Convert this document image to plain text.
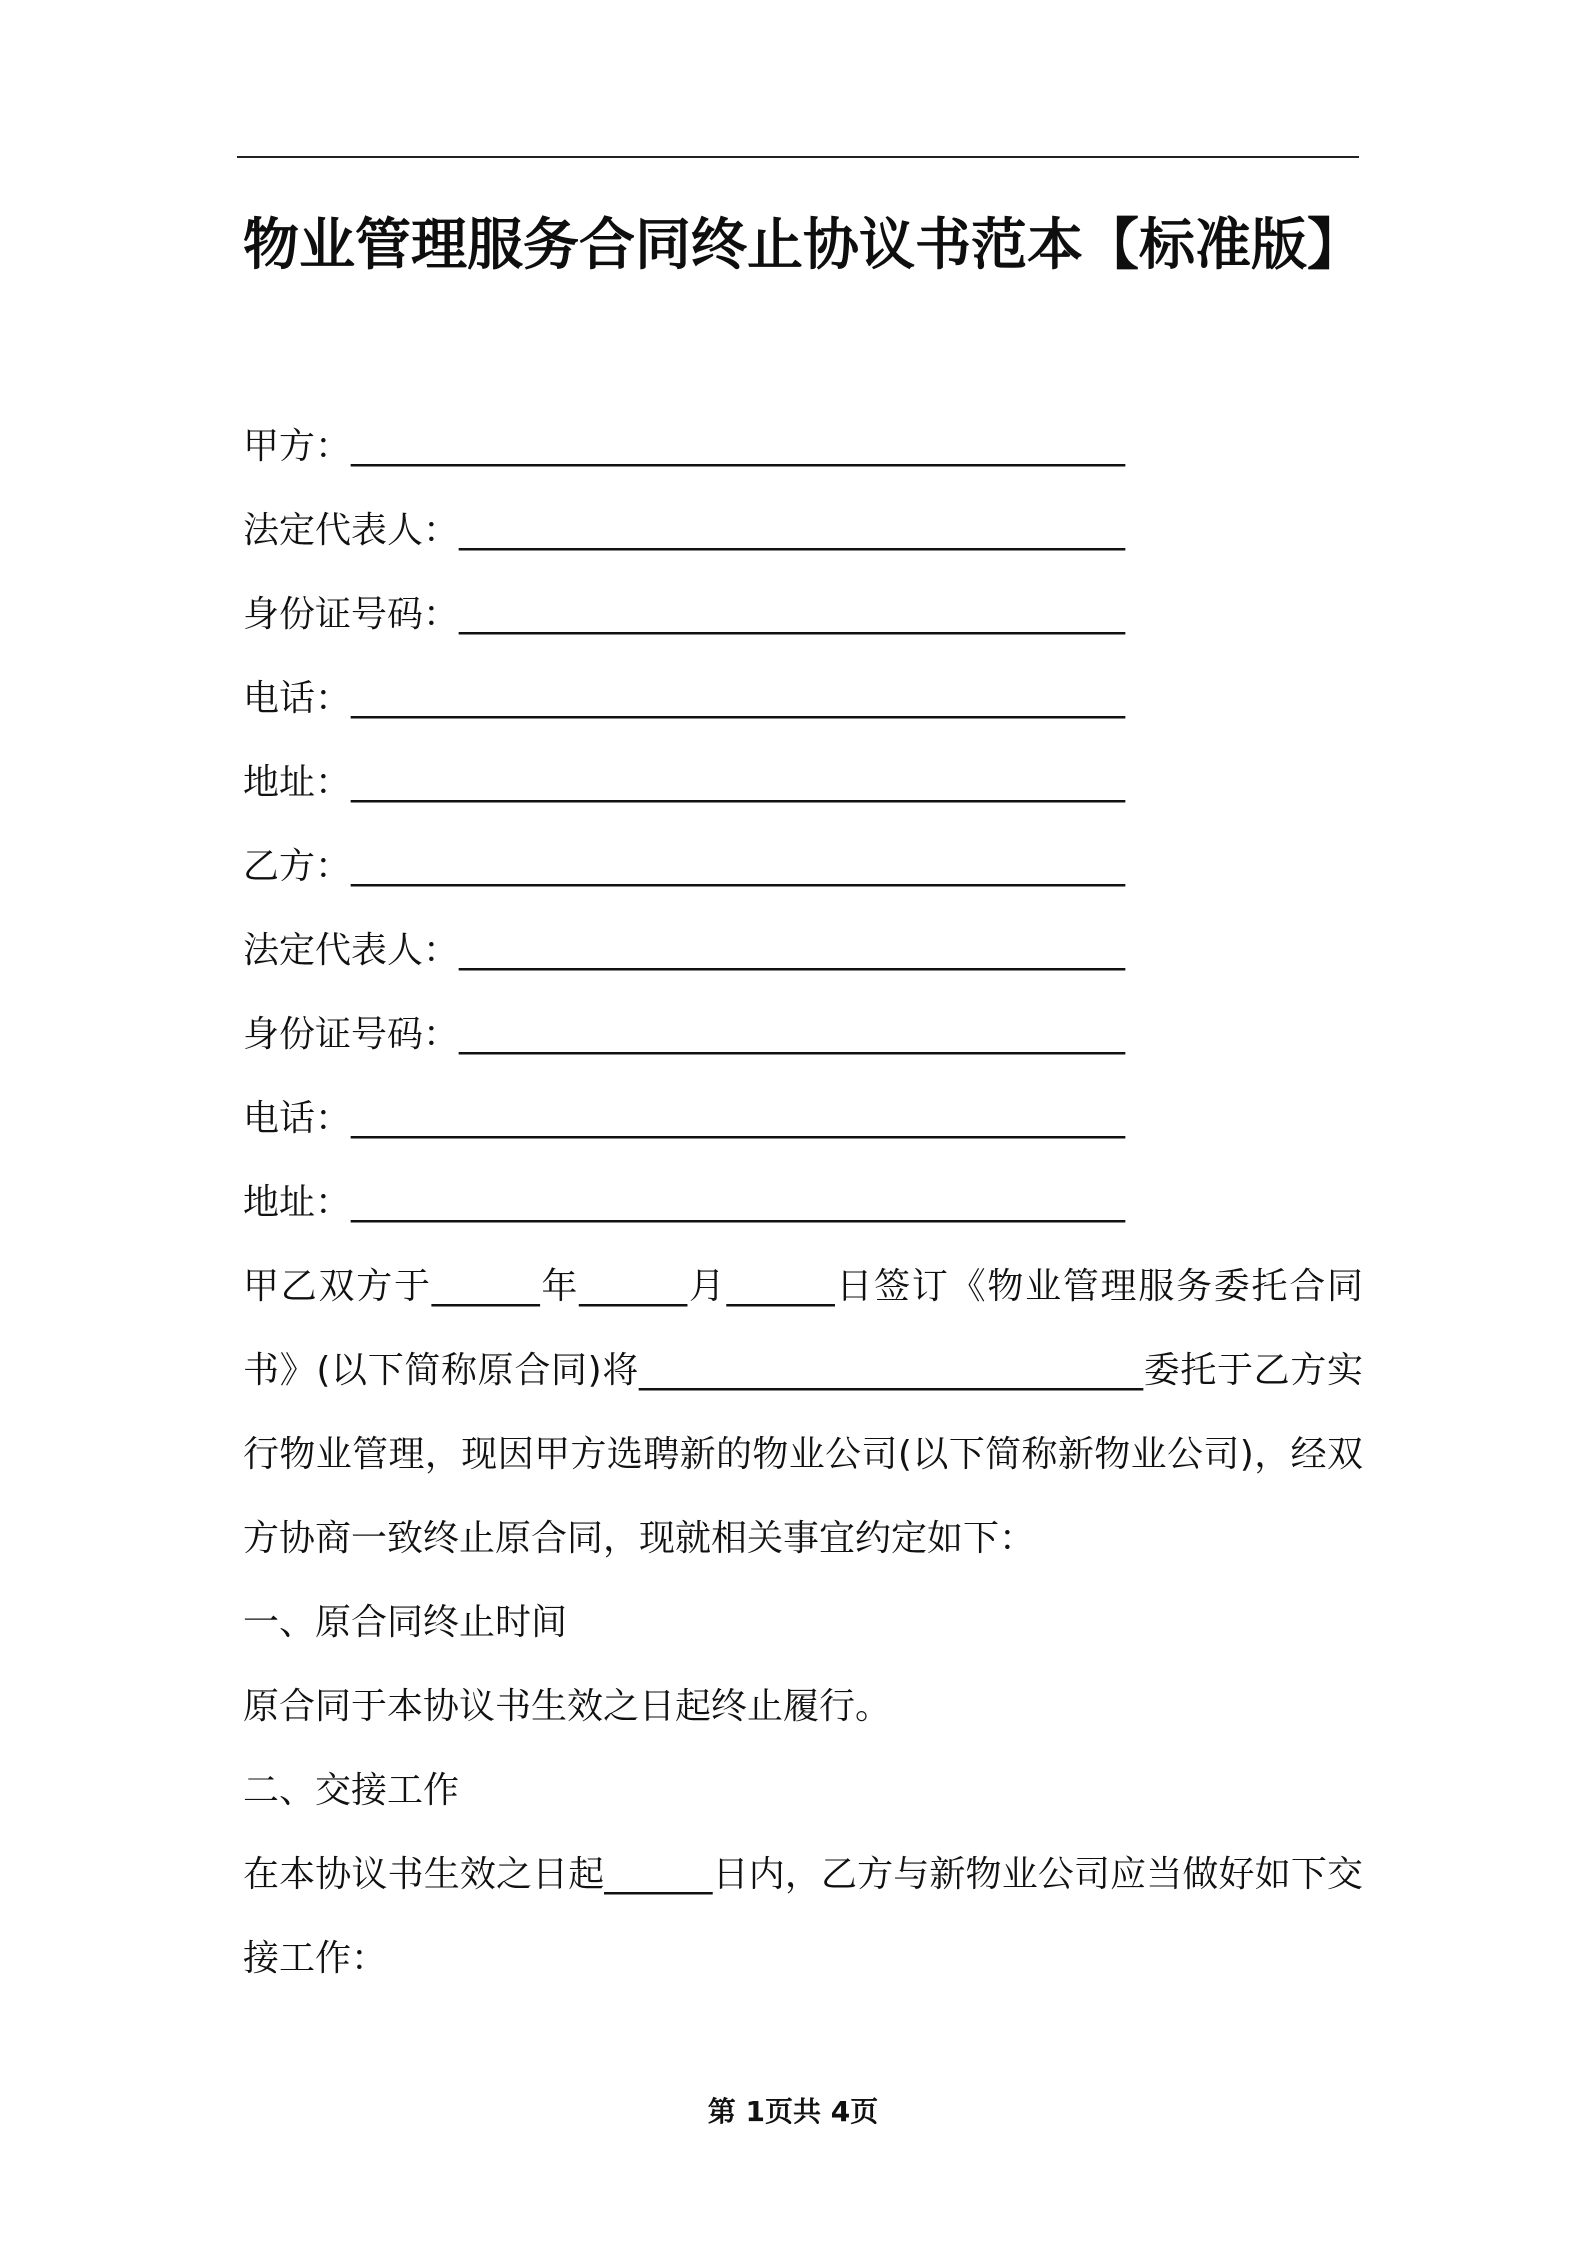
物业管理服务合同终止协议书范本【标准版】
甲方：___________________________________________
法定代表人：_____________________________________
身份证号码：_____________________________________
电话：___________________________________________
地址：___________________________________________
乙方：___________________________________________
法定代表人：_____________________________________
身份证号码：_____________________________________
电话：___________________________________________
地址：___________________________________________
甲乙双方于______年______月______日签订《物业管理服务委托合同书》(以下简称原合同)将____________________________委托于乙方实行物业管理，现因甲方选聘新的物业公司(以下简称新物业公司)，经双方协商一致终止原合同，现就相关事宜约定如下：
一、原合同终止时间
原合同于本协议书生效之日起终止履行。
二、交接工作
在本协议书生效之日起______日内，乙方与新物业公司应当做好如下交接工作：
第 1页共 4页
